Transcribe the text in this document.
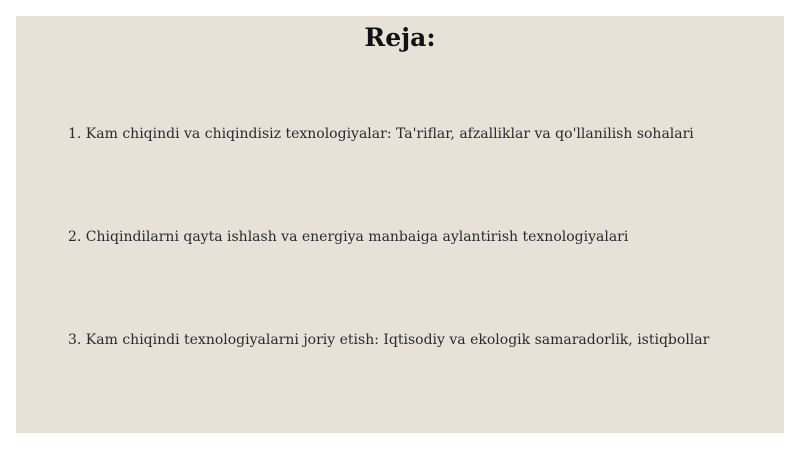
Reja:
1. Kam chiqindi va chiqindisiz texnologiyalar: Ta'riflar, afzalliklar va qo'llanilish sohalari
2. Chiqindilarni qayta ishlash va energiya manbaiga aylantirish texnologiyalari
3. Kam chiqindi texnologiyalarni joriy etish: Iqtisodiy va ekologik samaradorlik, istiqbollar
